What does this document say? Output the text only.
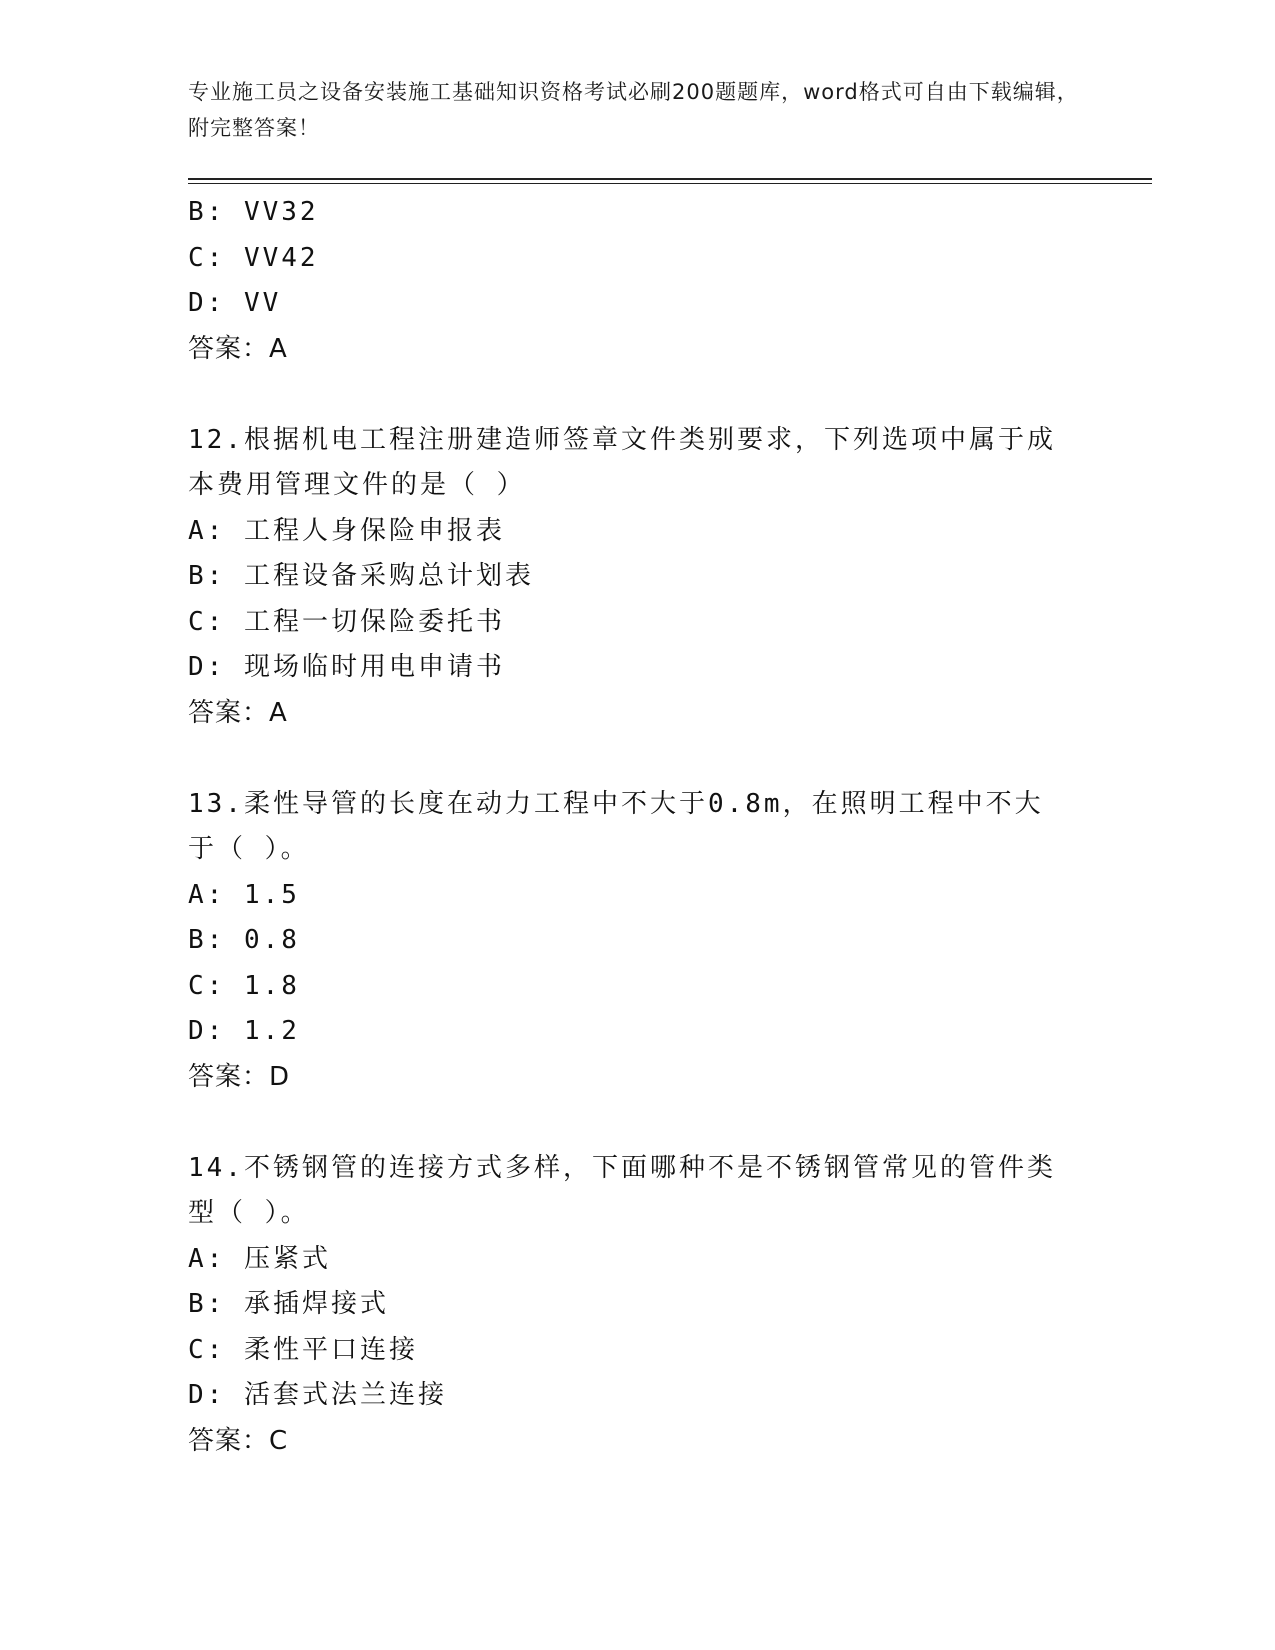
专业施工员之设备安装施工基础知识资格考试必刷200题题库，word格式可自由下载编辑，附完整答案！
B: VV32
C: VV42
D: VV
答案：A
12.根据机电工程注册建造师签章文件类别要求，下列选项中属于成本费用管理文件的是（ ）
A: 工程人身保险申报表
B: 工程设备采购总计划表
C: 工程一切保险委托书
D: 现场临时用电申请书
答案：A
13.柔性导管的长度在动力工程中不大于0.8m，在照明工程中不大于（ ）。
A: 1.5
B: 0.8
C: 1.8
D: 1.2
答案：D
14.不锈钢管的连接方式多样，下面哪种不是不锈钢管常见的管件类型（ ）。
A: 压紧式
B: 承插焊接式
C: 柔性平口连接
D: 活套式法兰连接
答案：C
